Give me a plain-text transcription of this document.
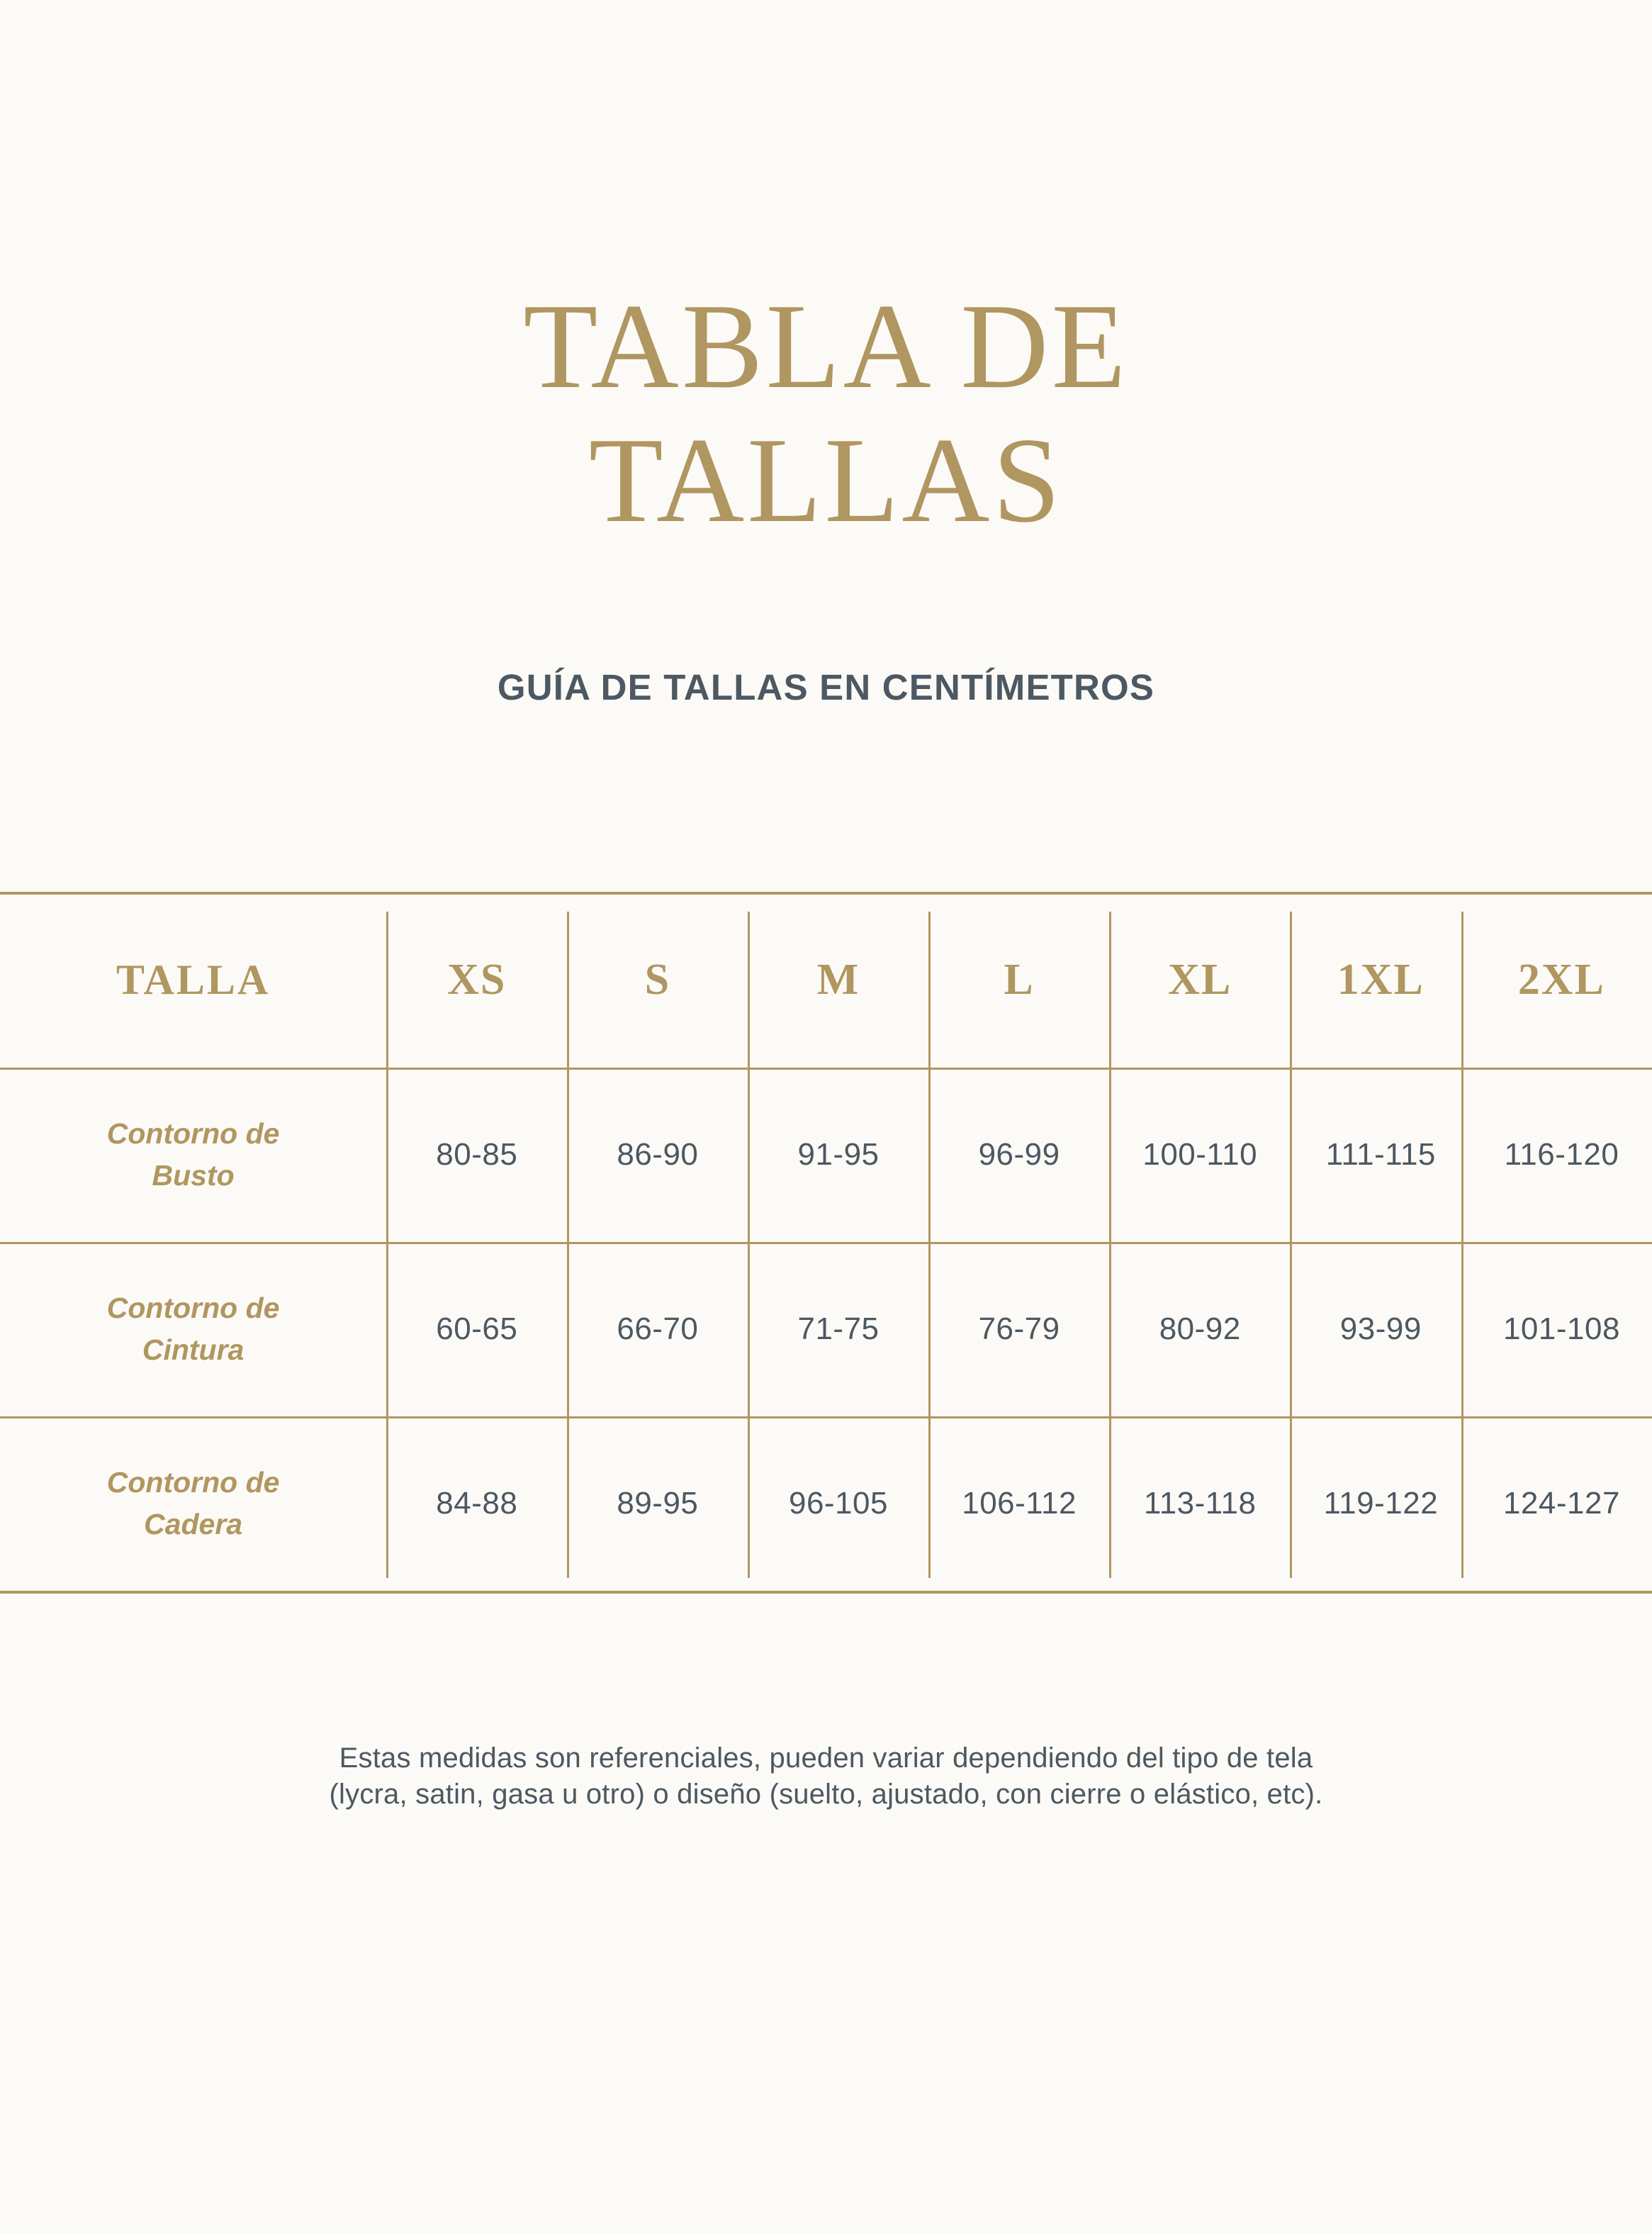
TABLA DE
TALLAS
GUÍA DE TALLAS EN CENTÍMETROS
TALLA	XS	S	M	L	XL	1XL	2XL

Contorno de
Busto	80-85	86-90	91-95	96-99	100-110	111-115	116-120

Contorno de
Cintura	60-65	66-70	71-75	76-79	80-92	93-99	101-108

Contorno de
Cadera	84-88	89-95	96-105	106-112	113-118	119-122	124-127
Estas medidas son referenciales, pueden variar dependiendo del tipo de tela
(lycra, satin, gasa u otro) o diseño (suelto, ajustado, con cierre o elástico, etc).
